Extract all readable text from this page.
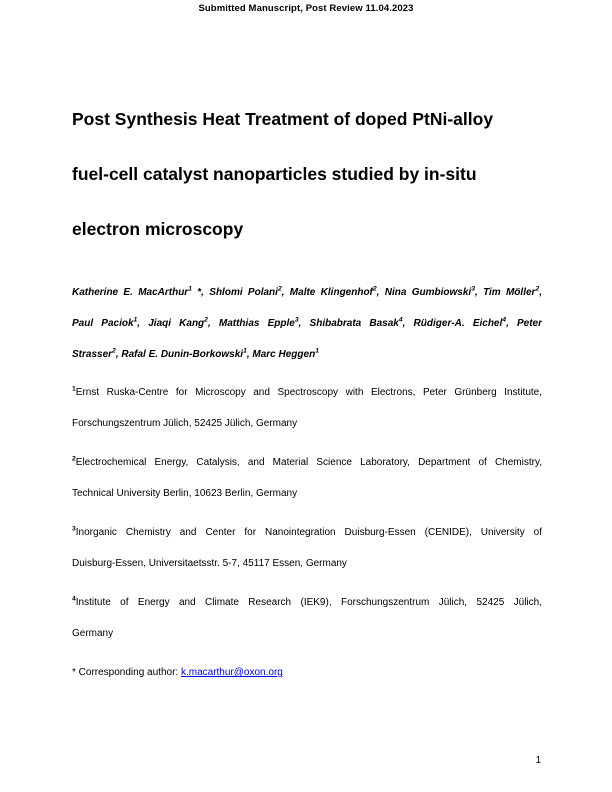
Submitted Manuscript, Post Review 11.04.2023
Post Synthesis Heat Treatment of doped PtNi-alloy
fuel-cell catalyst nanoparticles studied by in-situ
electron microscopy
Katherine E. MacArthur$^1$ *, Shlomi Polani$^2$, Malte Klingenhof$^2$, Nina Gumbiowski$^3$, Tim Möller$^2$,
Paul Paciok$^1$, Jiaqi Kang$^2$, Matthias Epple$^3$, Shibabrata Basak$^4$, Rüdiger-A. Eichel$^4$, Peter
Strasser$^2$, Rafal E. Dunin-Borkowski$^1$, Marc Heggen$^1$

$^1$Ernst Ruska-Centre for Microscopy and Spectroscopy with Electrons, Peter Grünberg Institute,
Forschungszentrum Jülich, 52425 Jülich, Germany

$^2$Electrochemical Energy, Catalysis, and Material Science Laboratory, Department of Chemistry,
Technical University Berlin, 10623 Berlin, Germany

$^3$Inorganic Chemistry and Center for Nanointegration Duisburg-Essen (CENIDE), University of
Duisburg-Essen, Universitaetsstr. 5-7, 45117 Essen, Germany

$^4$Institute of Energy and Climate Research (IEK9), Forschungszentrum Jülich, 52425 Jülich,
Germany

* Corresponding author: k.macarthur@oxon.org

1
